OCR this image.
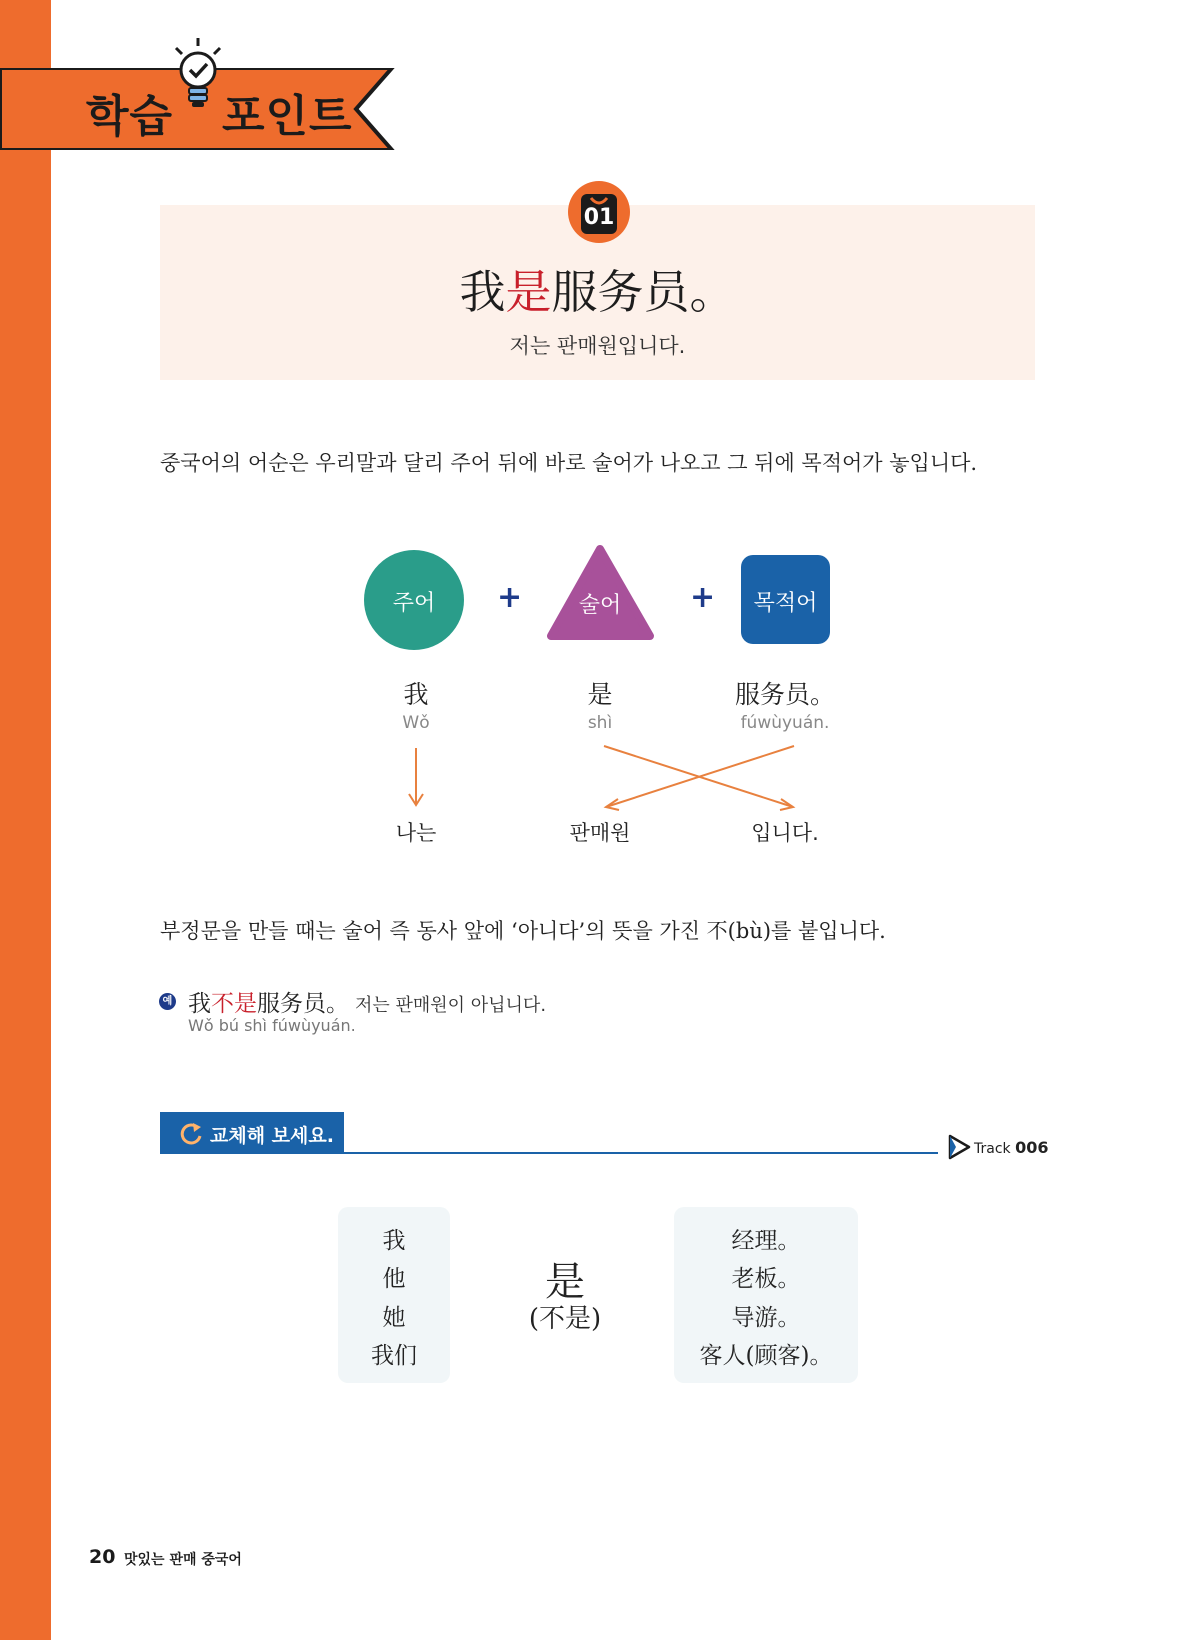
학습 포인트
01
我是服务员。
저는 판매원입니다.
중국어의 어순은 우리말과 달리 주어 뒤에 바로 술어가 나오고 그 뒤에 목적어가 놓입니다.
주어	술어	목적어
+	+
我	是	服务员。
Wǒ	shì	fúwùyuán.
나는	판매원	입니다.
부정문을 만들 때는 술어 즉 동사 앞에 ‘아니다’의 뜻을 가진 不(bù)를 붙입니다.
예 我不是服务员。 저는 판매원이 아닙니다.
Wǒ bú shì fúwùyuán.
교체해 보세요.
Track 006
我
他
她
我们
是
(不是)
经理。
老板。
导游。
客人(顾客)。
20 맛있는 판매 중국어
